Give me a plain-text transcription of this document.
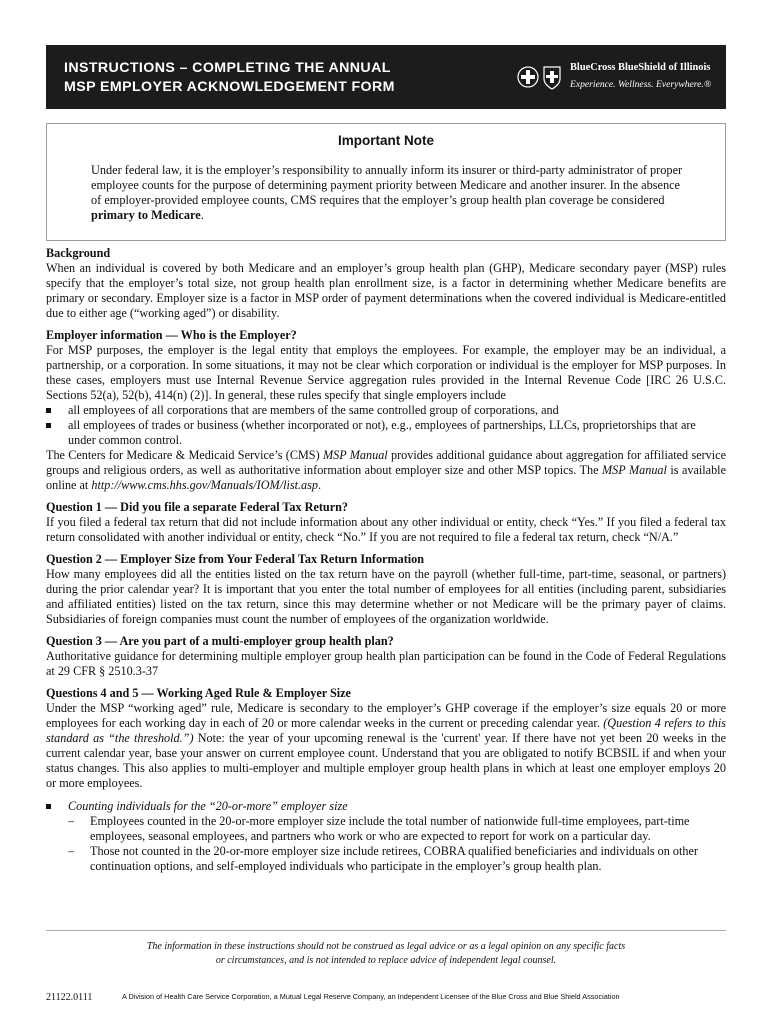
INSTRUCTIONS – COMPLETING THE ANNUAL
MSP EMPLOYER ACKNOWLEDGEMENT FORM
BlueCross BlueShield of Illinois
Experience. Wellness. Everywhere.®
Important Note

Under federal law, it is the employer’s responsibility to annually inform its insurer or third-party administrator of proper employee counts for the purpose of determining payment priority between Medicare and another insurer. In the absence of employer-provided employee counts, CMS requires that the employer’s group health plan coverage be considered primary to Medicare.

Background

When an individual is covered by both Medicare and an employer’s group health plan (GHP), Medicare secondary payer (MSP) rules specify that the employer’s total size, not group health plan enrollment size, is a factor in determining whether Medicare benefits are primary or secondary. Employer size is a factor in MSP order of payment determinations when the covered individual is Medicare-entitled due to either age (“working aged”) or disability.

Employer information — Who is the Employer?

For MSP purposes, the employer is the legal entity that employs the employees. For example, the employer may be an individual, a partnership, or a corporation. In some situations, it may not be clear which corporation or individual is the employer for MSP purposes. In these cases, employers must use Internal Revenue Service aggregation rules provided in the Internal Revenue Code [IRC 26 U.S.C. Sections 52(a), 52(b), 414(n) (2)]. In general, these rules specify that single employers include

all employees of all corporations that are members of the same controlled group of corporations, and

all employees of trades or business (whether incorporated or not), e.g., employees of partnerships, LLCs, proprietorships that are under common control.

The Centers for Medicare & Medicaid Service’s (CMS) MSP Manual provides additional guidance about aggregation for affiliated service groups and religious orders, as well as authoritative information about employer size and other MSP topics. The MSP Manual is available online at http://www.cms.hhs.gov/Manuals/IOM/list.asp.

Question 1 — Did you file a separate Federal Tax Return?

If you filed a federal tax return that did not include information about any other individual or entity, check “Yes.” If you filed a federal tax return consolidated with another individual or entity, check “No.” If you are not required to file a federal tax return, check “N/A.”

Question 2 — Employer Size from Your Federal Tax Return Information

How many employees did all the entities listed on the tax return have on the payroll (whether full-time, part-time, seasonal, or partners) during the prior calendar year? It is important that you enter the total number of employees for all entities (including parent, subsidiaries and affiliated entities) listed on the tax return, since this may determine whether or not Medicare will be the primary payer of claims. Subsidiaries of foreign companies must count the number of employees of the organization worldwide.

Question 3 — Are you part of a multi-employer group health plan?

Authoritative guidance for determining multiple employer group health plan participation can be found in the Code of Federal Regulations at 29 CFR § 2510.3-37

Questions 4 and 5 — Working Aged Rule & Employer Size

Under the MSP “working aged” rule, Medicare is secondary to the employer’s GHP coverage if the employer’s size equals 20 or more employees for each working day in each of 20 or more calendar weeks in the current or preceding calendar year. (Question 4 refers to this standard as “the threshold.”) Note: the year of your upcoming renewal is the 'current' year. If there have not yet been 20 weeks in the current calendar year, base your answer on current employee count. Understand that you are obligated to notify BCBSIL if and when your status changes. This also applies to multi-employer and multiple employer group health plans in which at least one employer employs 20 or more employees.

Counting individuals for the “20-or-more” employer size

– Employees counted in the 20-or-more employer size include the total number of nationwide full-time employees, part-time employees, seasonal employees, and partners who work or who are expected to report for work on a particular day.

– Those not counted in the 20-or-more employer size include retirees, COBRA qualified beneficiaries and individuals on other continuation options, and self-employed individuals who participate in the employer’s group health plan.

The information in these instructions should not be construed as legal advice or as a legal opinion on any specific facts
or circumstances, and is not intended to replace advice of independent legal counsel.
21122.0111	A Division of Health Care Service Corporation, a Mutual Legal Reserve Company, an Independent Licensee of the Blue Cross and Blue Shield Association
